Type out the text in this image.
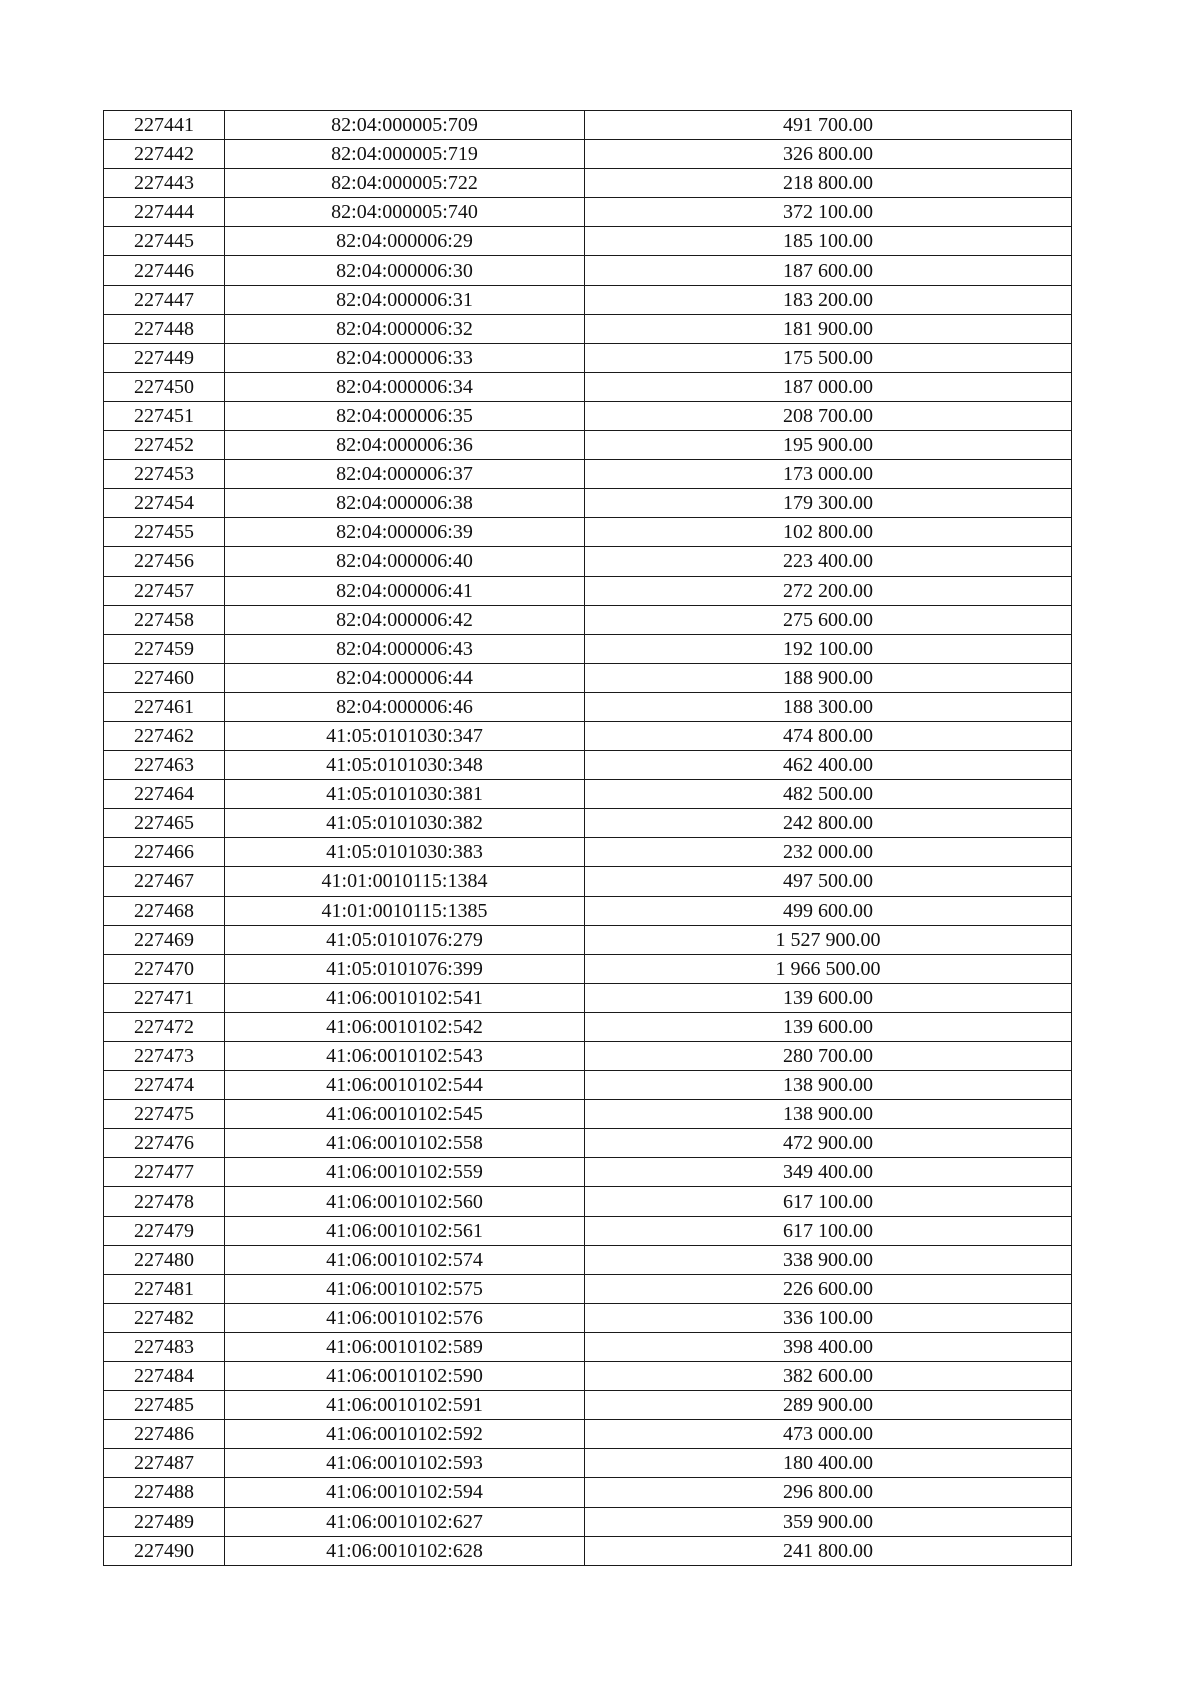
227441	82:04:000005:709	491 700.00
227442	82:04:000005:719	326 800.00
227443	82:04:000005:722	218 800.00
227444	82:04:000005:740	372 100.00
227445	82:04:000006:29	185 100.00
227446	82:04:000006:30	187 600.00
227447	82:04:000006:31	183 200.00
227448	82:04:000006:32	181 900.00
227449	82:04:000006:33	175 500.00
227450	82:04:000006:34	187 000.00
227451	82:04:000006:35	208 700.00
227452	82:04:000006:36	195 900.00
227453	82:04:000006:37	173 000.00
227454	82:04:000006:38	179 300.00
227455	82:04:000006:39	102 800.00
227456	82:04:000006:40	223 400.00
227457	82:04:000006:41	272 200.00
227458	82:04:000006:42	275 600.00
227459	82:04:000006:43	192 100.00
227460	82:04:000006:44	188 900.00
227461	82:04:000006:46	188 300.00
227462	41:05:0101030:347	474 800.00
227463	41:05:0101030:348	462 400.00
227464	41:05:0101030:381	482 500.00
227465	41:05:0101030:382	242 800.00
227466	41:05:0101030:383	232 000.00
227467	41:01:0010115:1384	497 500.00
227468	41:01:0010115:1385	499 600.00
227469	41:05:0101076:279	1 527 900.00
227470	41:05:0101076:399	1 966 500.00
227471	41:06:0010102:541	139 600.00
227472	41:06:0010102:542	139 600.00
227473	41:06:0010102:543	280 700.00
227474	41:06:0010102:544	138 900.00
227475	41:06:0010102:545	138 900.00
227476	41:06:0010102:558	472 900.00
227477	41:06:0010102:559	349 400.00
227478	41:06:0010102:560	617 100.00
227479	41:06:0010102:561	617 100.00
227480	41:06:0010102:574	338 900.00
227481	41:06:0010102:575	226 600.00
227482	41:06:0010102:576	336 100.00
227483	41:06:0010102:589	398 400.00
227484	41:06:0010102:590	382 600.00
227485	41:06:0010102:591	289 900.00
227486	41:06:0010102:592	473 000.00
227487	41:06:0010102:593	180 400.00
227488	41:06:0010102:594	296 800.00
227489	41:06:0010102:627	359 900.00
227490	41:06:0010102:628	241 800.00
